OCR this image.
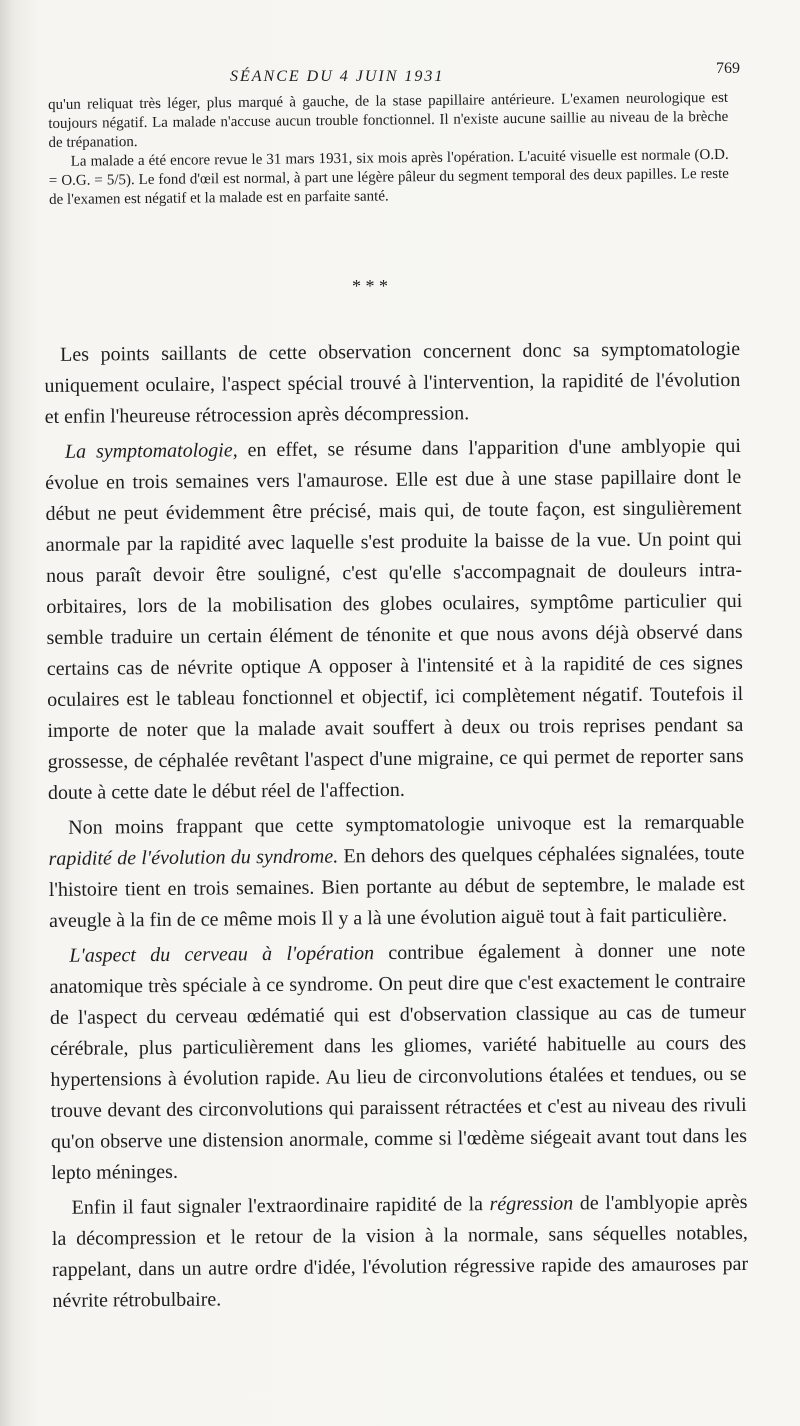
SÉANCE DU 4 JUIN 1931	769

qu'un reliquat très léger, plus marqué à gauche, de la stase papillaire antérieure. L'examen neurologique est toujours négatif. La malade n'accuse aucun trouble fonctionnel. Il n'existe aucune saillie au niveau de la brèche de trépanation.

La malade a été encore revue le 31 mars 1931, six mois après l'opération. L'acuité visuelle est normale (O.D. = O.G. = 5/5). Le fond d'œil est normal, à part une légère pâleur du segment temporal des deux papilles. Le reste de l'examen est négatif et la malade est en parfaite santé.

* * *

Les points saillants de cette observation concernent donc sa symptomatologie uniquement oculaire, l'aspect spécial trouvé à l'intervention, la rapidité de l'évolution et enfin l'heureuse rétrocession après décompression.

La symptomatologie, en effet, se résume dans l'apparition d'une amblyopie qui évolue en trois semaines vers l'amaurose. Elle est due à une stase papillaire dont le début ne peut évidemment être précisé, mais qui, de toute façon, est singulièrement anormale par la rapidité avec laquelle s'est produite la baisse de la vue. Un point qui nous paraît devoir être souligné, c'est qu'elle s'accompagnait de douleurs intra-orbitaires, lors de la mobilisation des globes oculaires, symptôme particulier qui semble traduire un certain élément de ténonite et que nous avons déjà observé dans certains cas de névrite optique A opposer à l'intensité et à la rapidité de ces signes oculaires est le tableau fonctionnel et objectif, ici complètement négatif. Toutefois il importe de noter que la malade avait souffert à deux ou trois reprises pendant sa grossesse, de céphalée revêtant l'aspect d'une migraine, ce qui permet de reporter sans doute à cette date le début réel de l'affection.

Non moins frappant que cette symptomatologie univoque est la remarquable rapidité de l'évolution du syndrome. En dehors des quelques céphalées signalées, toute l'histoire tient en trois semaines. Bien portante au début de septembre, le malade est aveugle à la fin de ce même mois Il y a là une évolution aiguë tout à fait particulière.

L'aspect du cerveau à l'opération contribue également à donner une note anatomique très spéciale à ce syndrome. On peut dire que c'est exactement le contraire de l'aspect du cerveau œdématié qui est d'observation classique au cas de tumeur cérébrale, plus particulièrement dans les gliomes, variété habituelle au cours des hypertensions à évolution rapide. Au lieu de circonvolutions étalées et tendues, ou se trouve devant des circonvolutions qui paraissent rétractées et c'est au niveau des rivuli qu'on observe une distension anormale, comme si l'œdème siégeait avant tout dans les lepto méninges.

Enfin il faut signaler l'extraordinaire rapidité de la régression de l'amblyopie après la décompression et le retour de la vision à la normale, sans séquelles notables, rappelant, dans un autre ordre d'idée, l'évolution régressive rapide des amauroses par névrite rétrobulbaire.
